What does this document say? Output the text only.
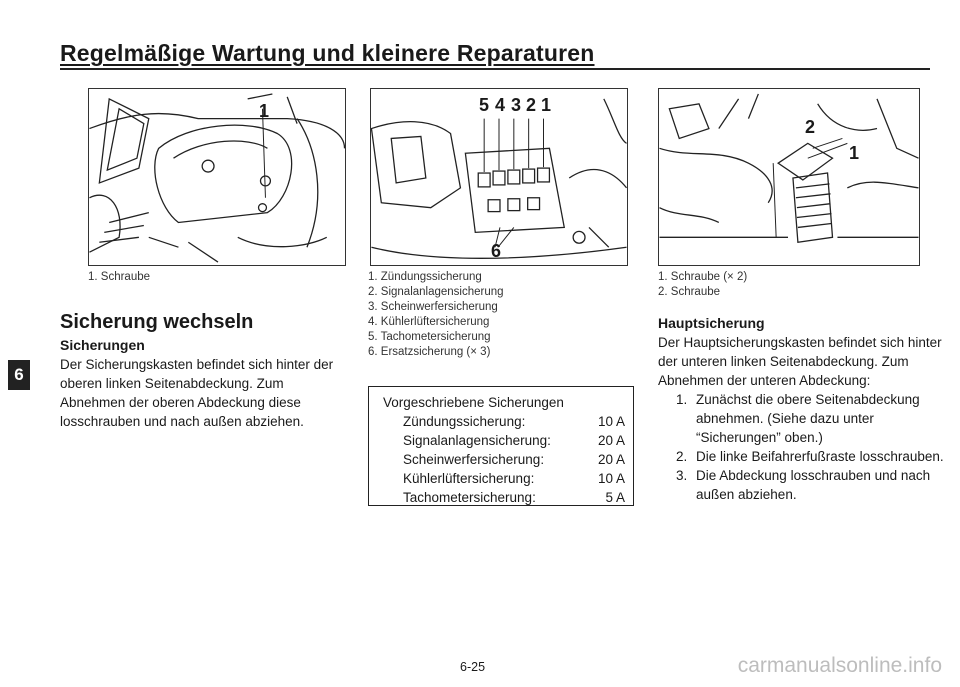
Regelmäßige Wartung und kleinere Reparaturen
6
1	5 4 3 2 1
6
2
1
1. Schraube
Sicherung wechseln
Sicherungen

Der Sicherungskasten befindet sich hinter der oberen linken Seitenabdeckung. Zum Abnehmen der oberen Abdeckung diese losschrauben und nach außen abziehen.

1. Zündungssicherung
2. Signalanlagensicherung
3. Scheinwerfersicherung
4. Kühlerlüftersicherung
5. Tachometersicherung
6. Ersatzsicherung (× 3)

Vorgeschriebene Sicherungen

Zündungssicherung:	10 A
Signalanlagensicherung:	20 A
Scheinwerfersicherung:	20 A
Kühlerlüftersicherung:	10 A
Tachometersicherung:	5 A
1. Schraube (× 2)
2. Schraube
Hauptsicherung

Der Hauptsicherungskasten befindet sich hinter der unteren linken Seitenabdeckung. Zum Abnehmen der unteren Abdeckung:

1. Zunächst die obere Seitenabdeckung abnehmen. (Siehe dazu unter “Sicherungen” oben.)
2. Die linke Beifahrerfußraste losschrauben.
3. Die Abdeckung losschrauben und nach außen abziehen.
6-25	carmanualsonline.info
